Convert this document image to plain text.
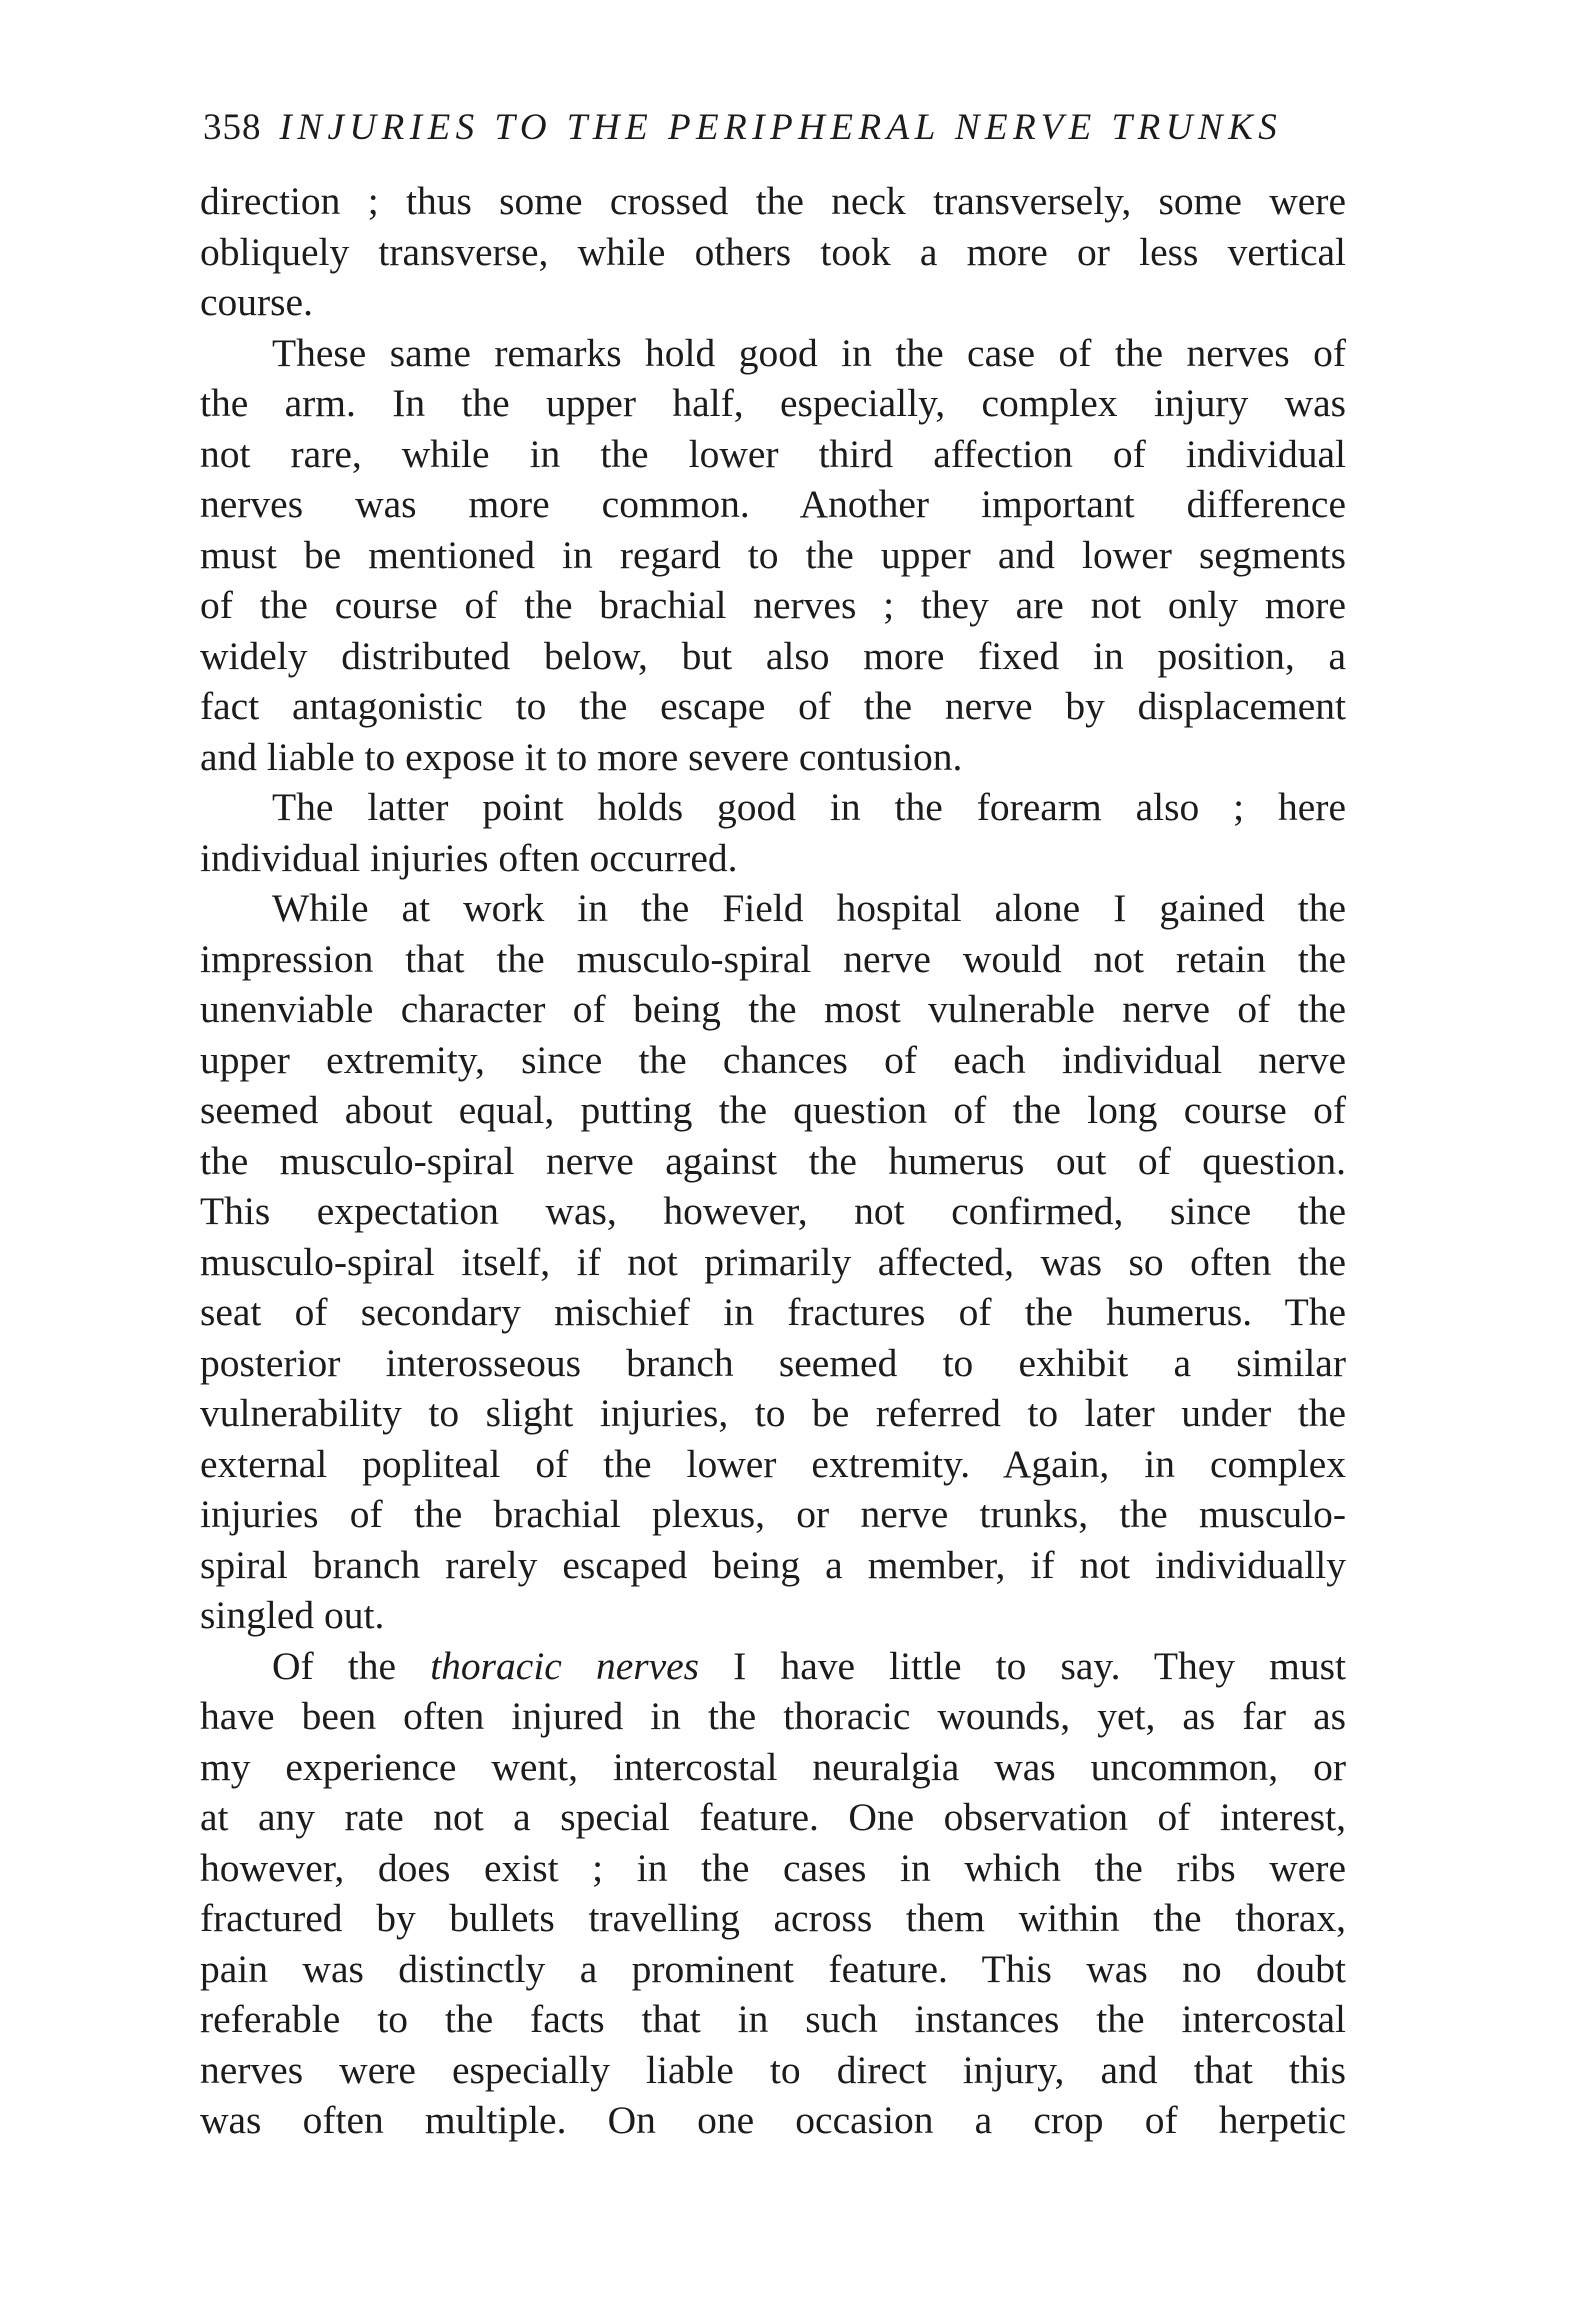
358 INJURIES TO THE PERIPHERAL NERVE TRUNKS
direction ; thus some crossed the neck transversely, some were
obliquely transverse, while others took a more or less vertical
course.
These same remarks hold good in the case of the nerves of
the arm. In the upper half, especially, complex injury was
not rare, while in the lower third affection of individual
nerves was more common. Another important difference
must be mentioned in regard to the upper and lower segments
of the course of the brachial nerves ; they are not only more
widely distributed below, but also more fixed in position, a
fact antagonistic to the escape of the nerve by displacement
and liable to expose it to more severe contusion.
The latter point holds good in the forearm also ; here
individual injuries often occurred.
While at work in the Field hospital alone I gained the
impression that the musculo-spiral nerve would not retain the
unenviable character of being the most vulnerable nerve of the
upper extremity, since the chances of each individual nerve
seemed about equal, putting the question of the long course of
the musculo-spiral nerve against the humerus out of question.
This expectation was, however, not confirmed, since the
musculo-spiral itself, if not primarily affected, was so often the
seat of secondary mischief in fractures of the humerus. The
posterior interosseous branch seemed to exhibit a similar
vulnerability to slight injuries, to be referred to later under the
external popliteal of the lower extremity. Again, in complex
injuries of the brachial plexus, or nerve trunks, the musculo-
spiral branch rarely escaped being a member, if not individually
singled out.
Of the thoracic nerves I have little to say. They must
have been often injured in the thoracic wounds, yet, as far as
my experience went, intercostal neuralgia was uncommon, or
at any rate not a special feature. One observation of interest,
however, does exist ; in the cases in which the ribs were
fractured by bullets travelling across them within the thorax,
pain was distinctly a prominent feature. This was no doubt
referable to the facts that in such instances the intercostal
nerves were especially liable to direct injury, and that this
was often multiple. On one occasion a crop of herpetic
